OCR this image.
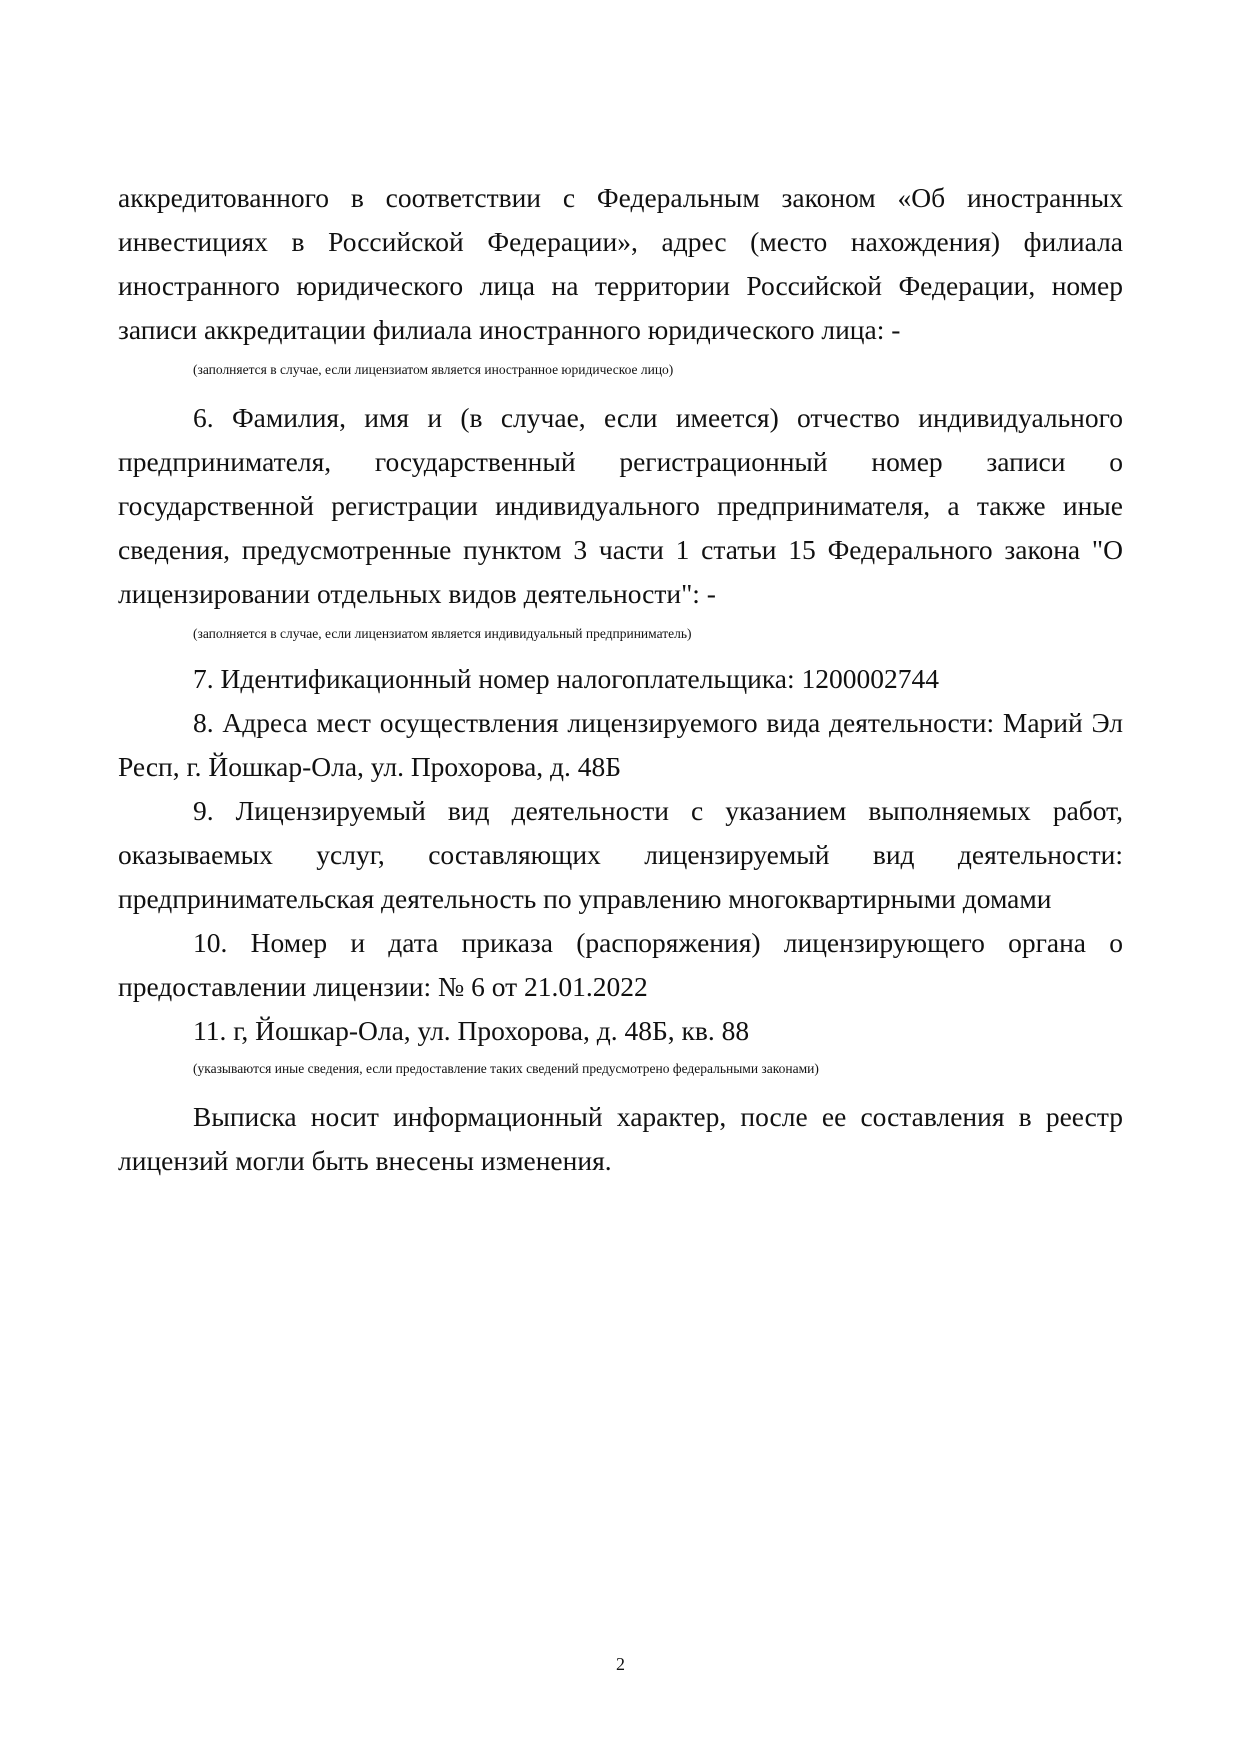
аккредитованного в соответствии с Федеральным законом «Об иностранных инвестициях в Российской Федерации», адрес (место нахождения) филиала иностранного юридического лица на территории Российской Федерации, номер записи аккредитации филиала иностранного юридического лица: -

(заполняется в случае, если лицензиатом является иностранное юридическое лицо)

6. Фамилия, имя и (в случае, если имеется) отчество индивидуального предпринимателя, государственный регистрационный номер записи о государственной регистрации индивидуального предпринимателя, а также иные сведения, предусмотренные пунктом 3 части 1 статьи 15 Федерального закона "О лицензировании отдельных видов деятельности": -

(заполняется в случае, если лицензиатом является индивидуальный предприниматель)

7. Идентификационный номер налогоплательщика: 1200002744

8. Адреса мест осуществления лицензируемого вида деятельности: Марий Эл Респ, г. Йошкар-Ола, ул. Прохорова, д. 48Б

9. Лицензируемый вид деятельности с указанием выполняемых работ, оказываемых услуг, составляющих лицензируемый вид деятельности: предпринимательская деятельность по управлению многоквартирными домами

10. Номер и дата приказа (распоряжения) лицензирующего органа о предоставлении лицензии: № 6 от 21.01.2022

11. г, Йошкар-Ола, ул. Прохорова, д. 48Б, кв. 88

(указываются иные сведения, если предоставление таких сведений предусмотрено федеральными законами)

Выписка носит информационный характер, после ее составления в реестр лицензий могли быть внесены изменения.

2
